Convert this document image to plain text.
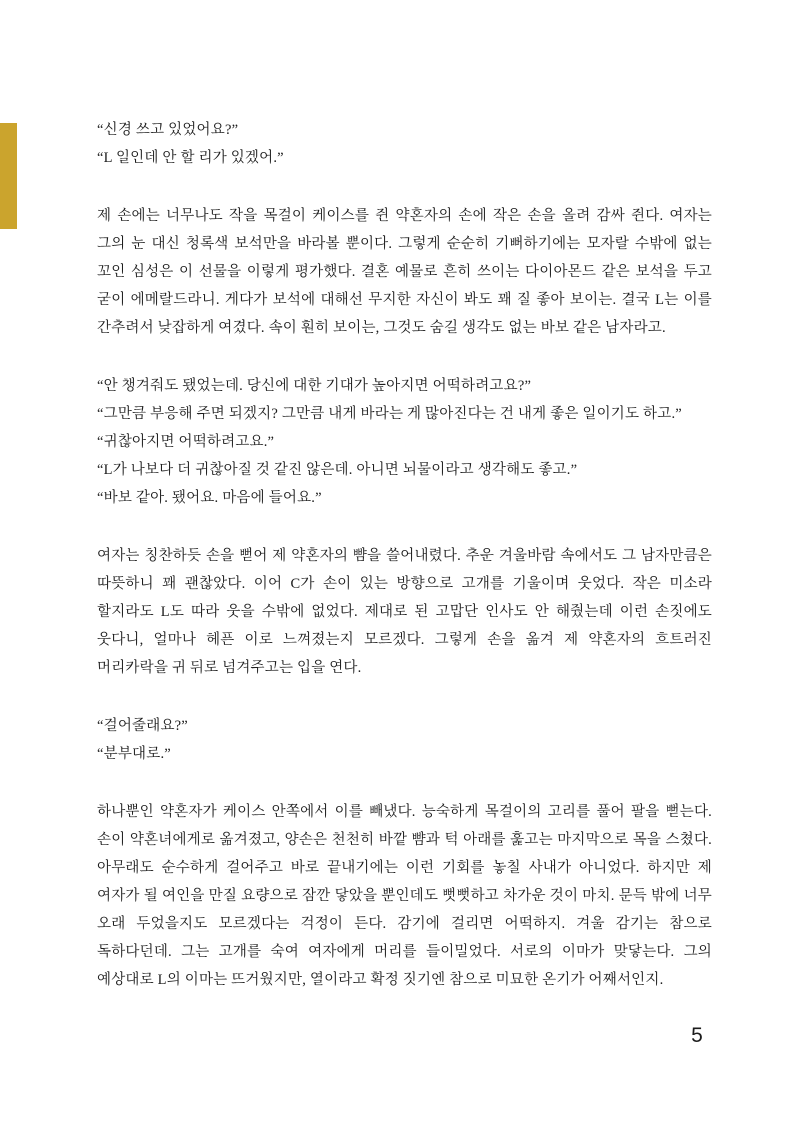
“신경 쓰고 있었어요?”
“L 일인데 안 할 리가 있겠어.”
제 손에는 너무나도 작을 목걸이 케이스를 쥔 약혼자의 손에 작은 손을 올려 감싸 쥔다. 여자는 그의 눈 대신 청록색 보석만을 바라볼 뿐이다. 그렇게 순순히 기뻐하기에는 모자랄 수밖에 없는 꼬인 심성은 이 선물을 이렇게 평가했다. 결혼 예물로 흔히 쓰이는 다이아몬드 같은 보석을 두고 굳이 에메랄드라니. 게다가 보석에 대해선 무지한 자신이 봐도 꽤 질 좋아 보이는. 결국 L는 이를 간추려서 낮잡하게 여겼다. 속이 훤히 보이는, 그것도 숨길 생각도 없는 바보 같은 남자라고.
“안 챙겨줘도 됐었는데. 당신에 대한 기대가 높아지면 어떡하려고요?”
“그만큼 부응해 주면 되겠지? 그만큼 내게 바라는 게 많아진다는 건 내게 좋은 일이기도 하고.”
“귀찮아지면 어떡하려고요.”
“L가 나보다 더 귀찮아질 것 같진 않은데. 아니면 뇌물이라고 생각해도 좋고.”
“바보 같아. 됐어요. 마음에 들어요.”
여자는 칭찬하듯 손을 뻗어 제 약혼자의 뺨을 쓸어내렸다. 추운 겨울바람 속에서도 그 남자만큼은 따뜻하니 꽤 괜찮았다. 이어 C가 손이 있는 방향으로 고개를 기울이며 웃었다. 작은 미소라 할지라도 L도 따라 웃을 수밖에 없었다. 제대로 된 고맙단 인사도 안 해줬는데 이런 손짓에도 웃다니, 얼마나 헤픈 이로 느껴졌는지 모르겠다. 그렇게 손을 옮겨 제 약혼자의 흐트러진 머리카락을 귀 뒤로 넘겨주고는 입을 연다.
“걸어줄래요?”
“분부대로.”
하나뿐인 약혼자가 케이스 안쪽에서 이를 빼냈다. 능숙하게 목걸이의 고리를 풀어 팔을 뻗는다. 손이 약혼녀에게로 옮겨졌고, 양손은 천천히 바깥 뺨과 턱 아래를 훑고는 마지막으로 목을 스쳤다. 아무래도 순수하게 걸어주고 바로 끝내기에는 이런 기회를 놓칠 사내가 아니었다. 하지만 제 여자가 될 여인을 만질 요량으로 잠깐 닿았을 뿐인데도 뻣뻣하고 차가운 것이 마치. 문득 밖에 너무 오래 두었을지도 모르겠다는 걱정이 든다. 감기에 걸리면 어떡하지. 겨울 감기는 참으로 독하다던데. 그는 고개를 숙여 여자에게 머리를 들이밀었다. 서로의 이마가 맞닿는다. 그의 예상대로 L의 이마는 뜨거웠지만, 열이라고 확정 짓기엔 참으로 미묘한 온기가 어째서인지.
5
